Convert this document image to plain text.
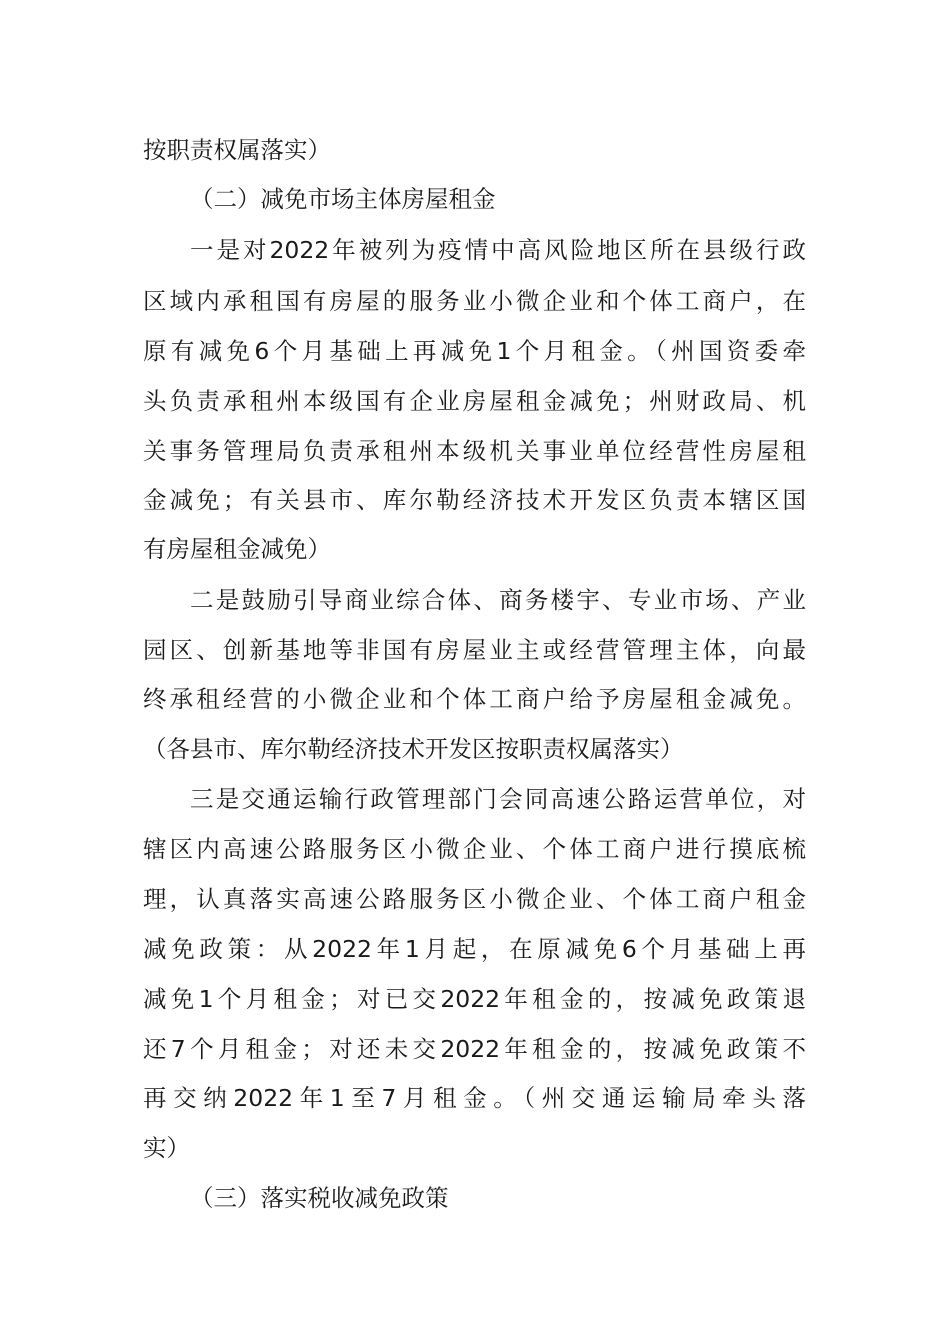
按职责权属落实）
（二）减免市场主体房屋租金
一是对2022年被列为疫情中高风险地区所在县级行政
区域内承租国有房屋的服务业小微企业和个体工商户，在
原有减免6个月基础上再减免1个月租金。（州国资委牵
头负责承租州本级国有企业房屋租金减免；州财政局、机
关事务管理局负责承租州本级机关事业单位经营性房屋租
金减免；有关县市、库尔勒经济技术开发区负责本辖区国
有房屋租金减免）
二是鼓励引导商业综合体、商务楼宇、专业市场、产业
园区、创新基地等非国有房屋业主或经营管理主体，向最
终承租经营的小微企业和个体工商户给予房屋租金减免。
（各县市、库尔勒经济技术开发区按职责权属落实）
三是交通运输行政管理部门会同高速公路运营单位，对
辖区内高速公路服务区小微企业、个体工商户进行摸底梳
理，认真落实高速公路服务区小微企业、个体工商户租金
减免政策：从2022年1月起，在原减免6个月基础上再
减免1个月租金；对已交2022年租金的，按减免政策退
还7个月租金；对还未交2022年租金的，按减免政策不
再交纳2022年1至7月租金。（州交通运输局牵头落
实）
（三）落实税收减免政策
